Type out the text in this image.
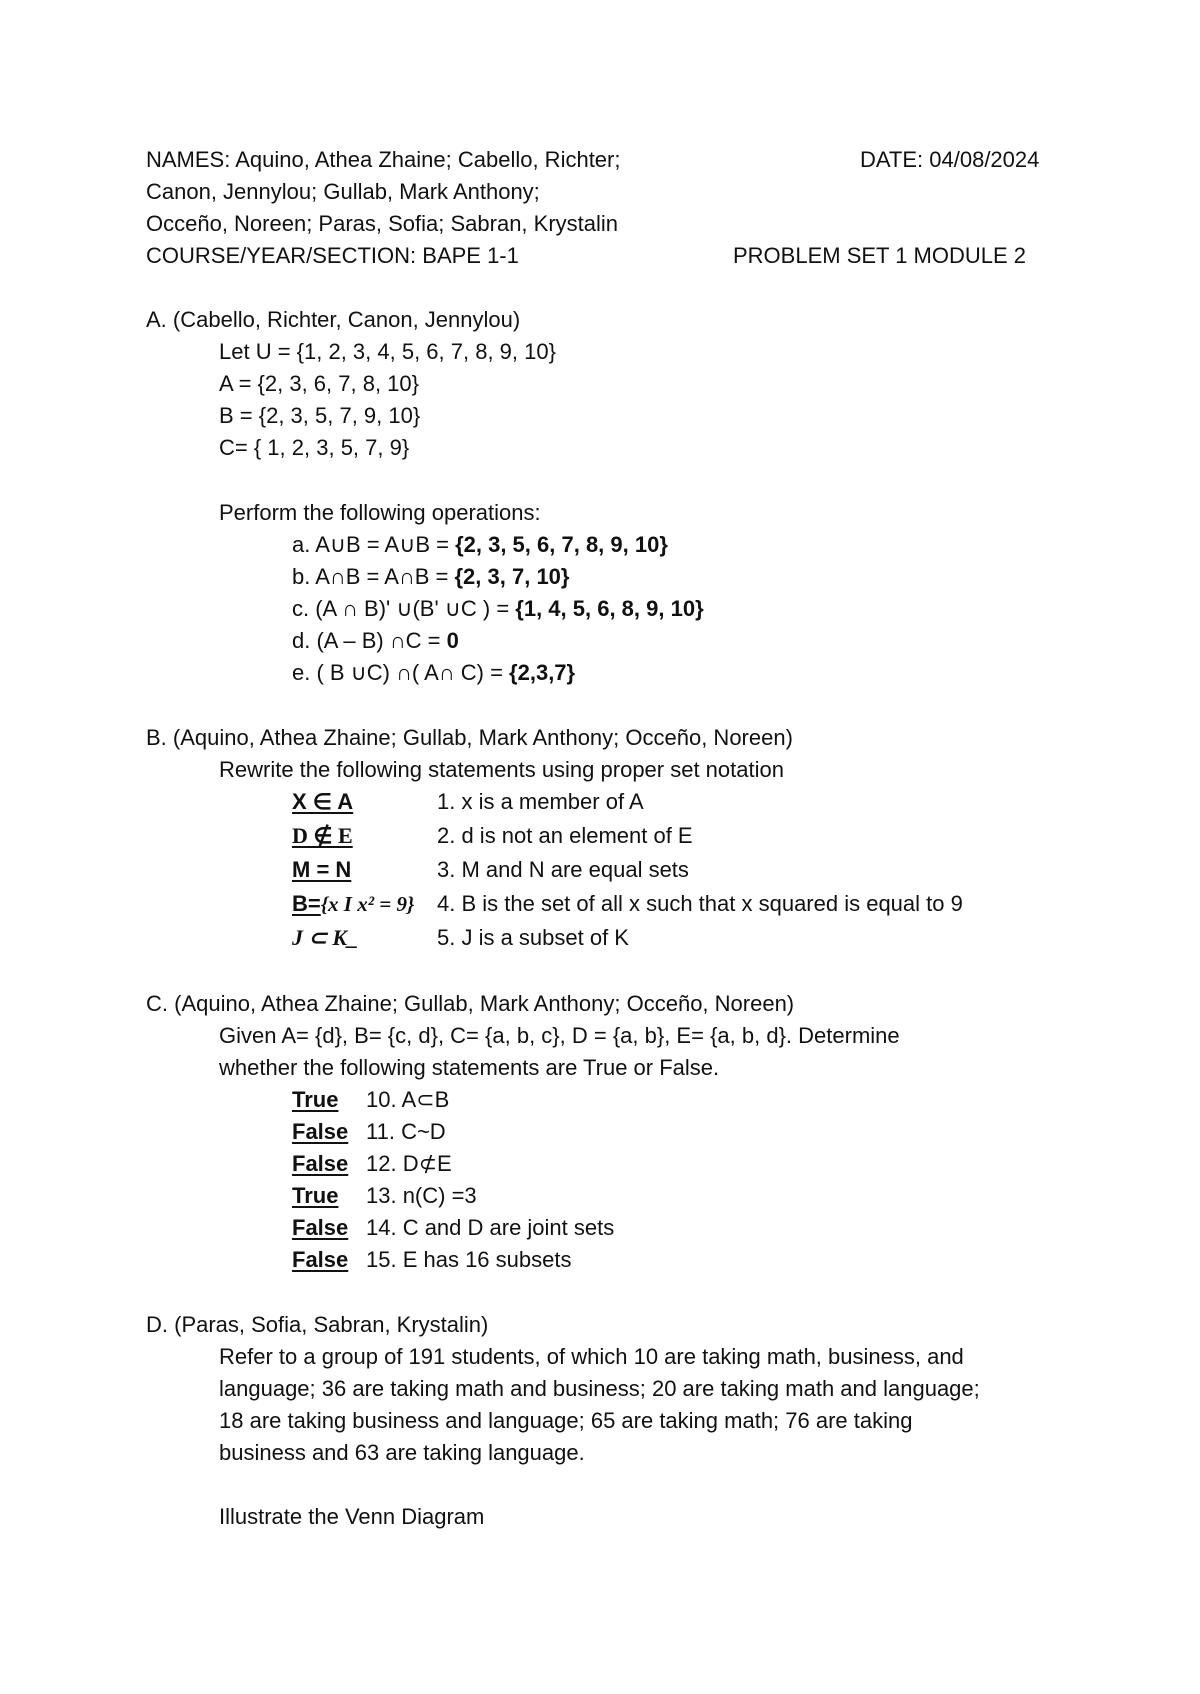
NAMES: Aquino, Athea Zhaine; Cabello, Richter;	DATE: 04/08/2024
Canon, Jennylou; Gullab, Mark Anthony;
Occeño, Noreen; Paras, Sofia; Sabran, Krystalin
COURSE/YEAR/SECTION: BAPE 1-1	PROBLEM SET 1 MODULE 2
A. (Cabello, Richter, Canon, Jennylou)
Let U = {1, 2, 3, 4, 5, 6, 7, 8, 9, 10}
A = {2, 3, 6, 7, 8, 10}
B = {2, 3, 5, 7, 9, 10}
C= { 1, 2, 3, 5, 7, 9}
Perform the following operations:
a. A∪B = A∪B = {2, 3, 5, 6, 7, 8, 9, 10}
b. A∩B = A∩B = {2, 3, 7, 10}
c. (A ∩ B)' ∪(B' ∪C ) = {1, 4, 5, 6, 8, 9, 10}
d. (A – B) ∩C = 0
e. ( B ∪C) ∩( A∩ C) = {2,3,7}
B. (Aquino, Athea Zhaine; Gullab, Mark Anthony; Occeño, Noreen)
Rewrite the following statements using proper set notation
X ∈ A	1. x is a member of A
D ∉ E	2. d is not an element of E
M = N	3. M and N are equal sets
B={x I x² = 9} 4. B is the set of all x such that x squared is equal to 9
J ⊂ K_	5. J is a subset of K
C. (Aquino, Athea Zhaine; Gullab, Mark Anthony; Occeño, Noreen)
Given A= {d}, B= {c, d}, C= {a, b, c}, D = {a, b}, E= {a, b, d}. Determine
whether the following statements are True or False.
True 10. A⊂B
False 11. C~D
False 12. D⊄E
True 13. n(C) =3
False 14. C and D are joint sets
False 15. E has 16 subsets
D. (Paras, Sofia, Sabran, Krystalin)
Refer to a group of 191 students, of which 10 are taking math, business, and
language; 36 are taking math and business; 20 are taking math and language;
18 are taking business and language; 65 are taking math; 76 are taking
business and 63 are taking language.
Illustrate the Venn Diagram
